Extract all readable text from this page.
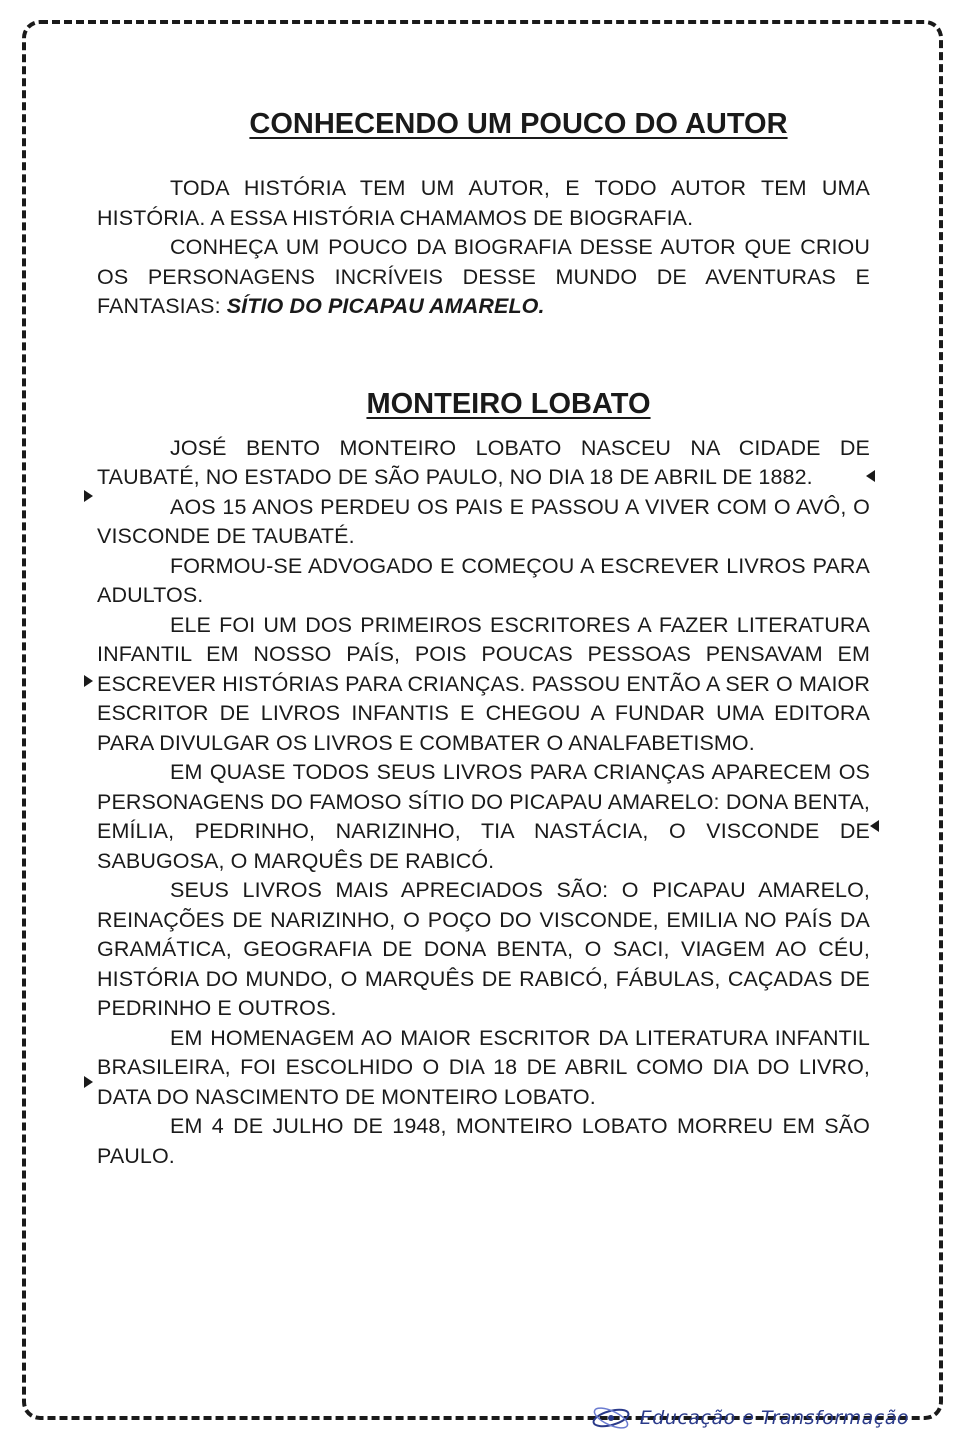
CONHECENDO UM POUCO DO AUTOR

TODA HISTÓRIA TEM UM AUTOR, E TODO AUTOR TEM UMA HISTÓRIA. A ESSA HISTÓRIA CHAMAMOS DE BIOGRAFIA.

CONHEÇA UM POUCO DA BIOGRAFIA DESSE AUTOR QUE CRIOU OS PERSONAGENS INCRÍVEIS DESSE MUNDO DE AVENTURAS E FANTASIAS: SÍTIO DO PICAPAU AMARELO.

MONTEIRO LOBATO

JOSÉ BENTO MONTEIRO LOBATO NASCEU NA CIDADE DE TAUBATÉ, NO ESTADO DE SÃO PAULO, NO DIA 18 DE ABRIL DE 1882.

AOS 15 ANOS PERDEU OS PAIS E PASSOU A VIVER COM O AVÔ, O VISCONDE DE TAUBATÉ.

FORMOU-SE ADVOGADO E COMEÇOU A ESCREVER LIVROS PARA ADULTOS.

ELE FOI UM DOS PRIMEIROS ESCRITORES A FAZER LITERATURA INFANTIL EM NOSSO PAÍS, POIS POUCAS PESSOAS PENSAVAM EM ESCREVER HISTÓRIAS PARA CRIANÇAS. PASSOU ENTÃO A SER O MAIOR ESCRITOR DE LIVROS INFANTIS E CHEGOU A FUNDAR UMA EDITORA PARA DIVULGAR OS LIVROS E COMBATER O ANALFABETISMO.

EM QUASE TODOS SEUS LIVROS PARA CRIANÇAS APARECEM OS PERSONAGENS DO FAMOSO SÍTIO DO PICAPAU AMARELO: DONA BENTA, EMÍLIA, PEDRINHO, NARIZINHO, TIA NASTÁCIA, O VISCONDE DE SABUGOSA, O MARQUÊS DE RABICÓ.

SEUS LIVROS MAIS APRECIADOS SÃO: O PICAPAU AMARELO, REINAÇÕES DE NARIZINHO, O POÇO DO VISCONDE, EMILIA NO PAÍS DA GRAMÁTICA, GEOGRAFIA DE DONA BENTA, O SACI, VIAGEM AO CÉU, HISTÓRIA DO MUNDO, O MARQUÊS DE RABICÓ, FÁBULAS, CAÇADAS DE PEDRINHO E OUTROS.

EM HOMENAGEM AO MAIOR ESCRITOR DA LITERATURA INFANTIL BRASILEIRA, FOI ESCOLHIDO O DIA 18 DE ABRIL COMO DIA DO LIVRO, DATA DO NASCIMENTO DE MONTEIRO LOBATO.

EM 4 DE JULHO DE 1948, MONTEIRO LOBATO MORREU EM SÃO PAULO.

Educação e Transformação
